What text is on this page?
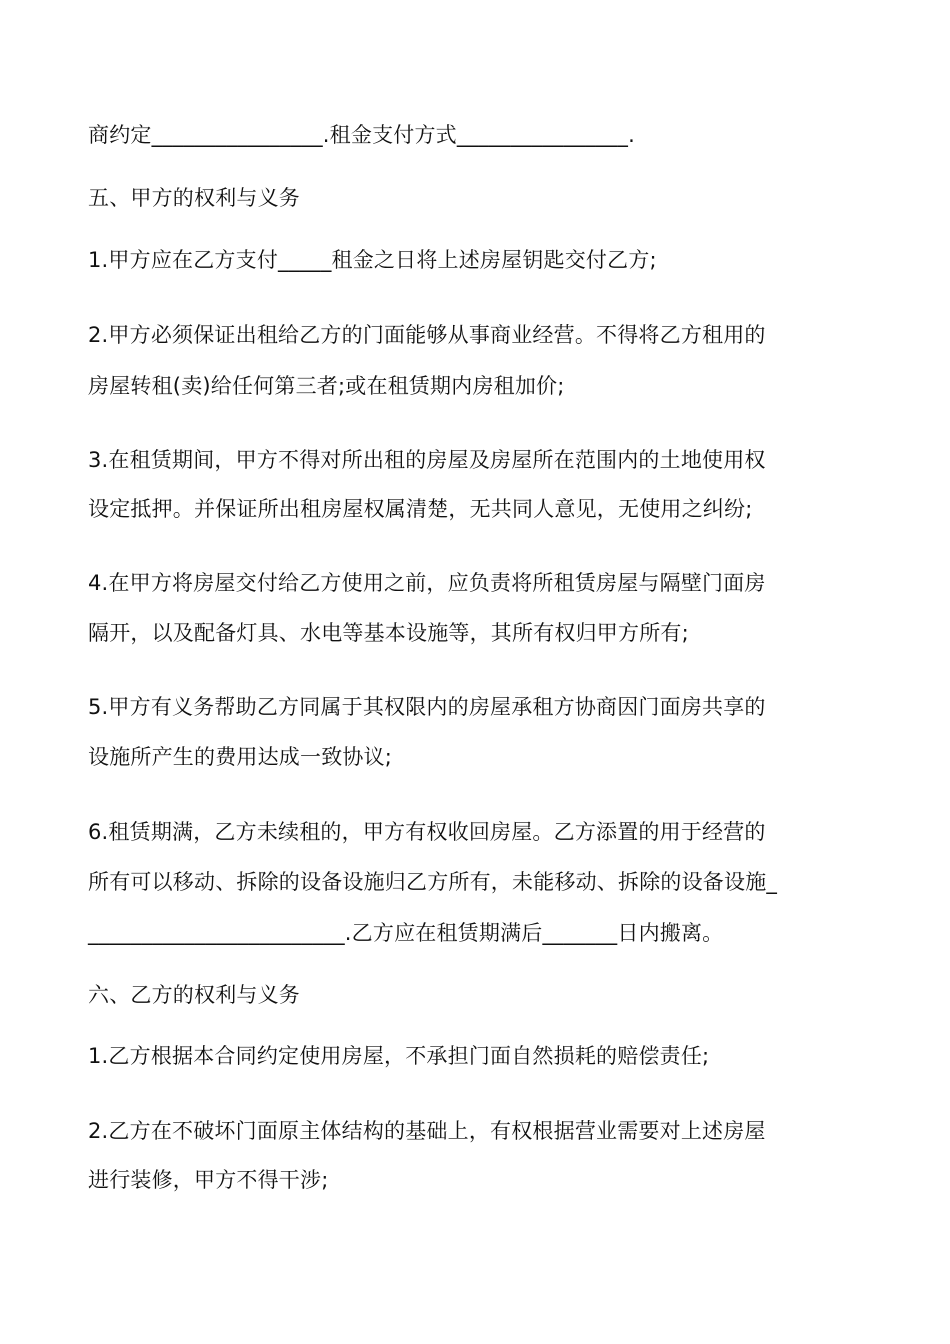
商约定________________.租金支付方式________________.
五、甲方的权利与义务
1.甲方应在乙方支付_____租金之日将上述房屋钥匙交付乙方;
2.甲方必须保证出租给乙方的门面能够从事商业经营。不得将乙方租用的
房屋转租(卖)给任何第三者;或在租赁期内房租加价;
3.在租赁期间，甲方不得对所出租的房屋及房屋所在范围内的土地使用权
设定抵押。并保证所出租房屋权属清楚，无共同人意见，无使用之纠纷;
4.在甲方将房屋交付给乙方使用之前，应负责将所租赁房屋与隔壁门面房
隔开，以及配备灯具、水电等基本设施等，其所有权归甲方所有;
5.甲方有义务帮助乙方同属于其权限内的房屋承租方协商因门面房共享的
设施所产生的费用达成一致协议;
6.租赁期满，乙方未续租的，甲方有权收回房屋。乙方添置的用于经营的
所有可以移动、拆除的设备设施归乙方所有，未能移动、拆除的设备设施_
________________________.乙方应在租赁期满后_______日内搬离。
六、乙方的权利与义务
1.乙方根据本合同约定使用房屋，不承担门面自然损耗的赔偿责任;
2.乙方在不破坏门面原主体结构的基础上，有权根据营业需要对上述房屋
进行装修，甲方不得干涉;
